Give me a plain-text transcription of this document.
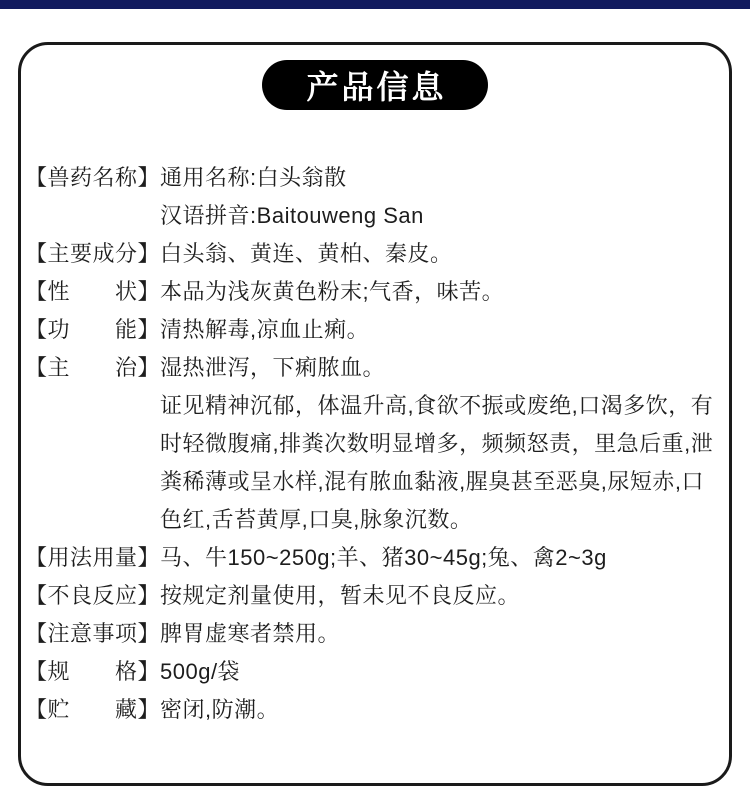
产品信息
【 兽药名称 】 通用名称:白头翁散
汉语拼音:Baitouweng San
【 主要成分 】 白头翁、黄连、黄柏、秦皮。
【 性 状 】 本品为浅灰黄色粉末;气香，味苦。
【 功 能 】 清热解毒,凉血止痢。
【 主 治 】 湿热泄泻，下痢脓血。
证见精神沉郁，体温升高,食欲不振或废绝,口渴多饮，有时轻微腹痛,排粪次数明显增多，频频怒责，里急后重,泄粪稀薄或呈水样,混有脓血黏液,腥臭甚至恶臭,尿短赤,口色红,舌苔黄厚,口臭,脉象沉数。
【 用法用量 】 马、牛150~250g;羊、猪30~45g;兔、禽2~3g
【 不良反应 】 按规定剂量使用，暂未见不良反应。
【 注意事项 】 脾胃虚寒者禁用。
【 规 格 】 500g/袋
【 贮 藏 】 密闭,防潮。
